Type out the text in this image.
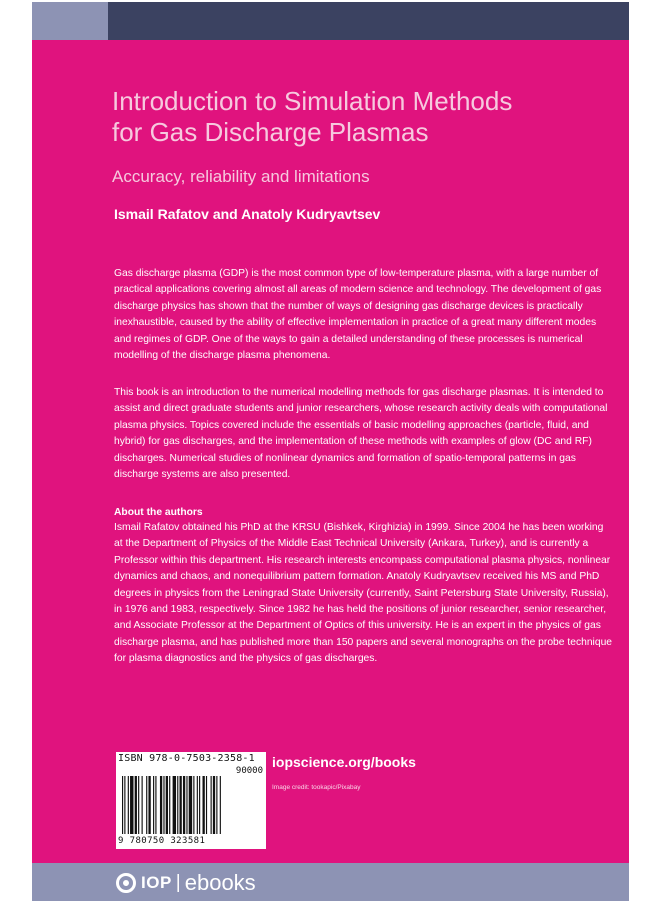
Introduction to Simulation Methods
for Gas Discharge Plasmas
Accuracy, reliability and limitations
Ismail Rafatov and Anatoly Kudryavtsev

Gas discharge plasma (GDP) is the most common type of low-temperature plasma, with a large number of practical applications covering almost all areas of modern science and technology. The development of gas discharge physics has shown that the number of ways of designing gas discharge devices is practically inexhaustible, caused by the ability of effective implementation in practice of a great many different modes and regimes of GDP. One of the ways to gain a detailed understanding of these processes is numerical modelling of the discharge plasma phenomena.

This book is an introduction to the numerical modelling methods for gas discharge plasmas. It is intended to assist and direct graduate students and junior researchers, whose research activity deals with computational plasma physics. Topics covered include the essentials of basic modelling approaches (particle, fluid, and hybrid) for gas discharges, and the implementation of these methods with examples of glow (DC and RF) discharges. Numerical studies of nonlinear dynamics and formation of spatio-temporal patterns in gas discharge systems are also presented.

About the authors

Ismail Rafatov obtained his PhD at the KRSU (Bishkek, Kirghizia) in 1999. Since 2004 he has been working at the Department of Physics of the Middle East Technical University (Ankara, Turkey), and is currently a Professor within this department. His research interests encompass computational plasma physics, nonlinear dynamics and chaos, and nonequilibrium pattern formation. Anatoly Kudryavtsev received his MS and PhD degrees in physics from the Leningrad State University (currently, Saint Petersburg State University, Russia), in 1976 and 1983, respectively. Since 1982 he has held the positions of junior researcher, senior researcher, and Associate Professor at the Department of Optics of this university. He is an expert in the physics of gas discharge plasma, and has published more than 150 papers and several monographs on the probe technique for plasma diagnostics and the physics of gas discharges.

ISBN 978-0-7503-2358-1
90000
9 780750 323581
iopscience.org/books
Image credit: tookapic/Pixabay
IOP | ebooks
